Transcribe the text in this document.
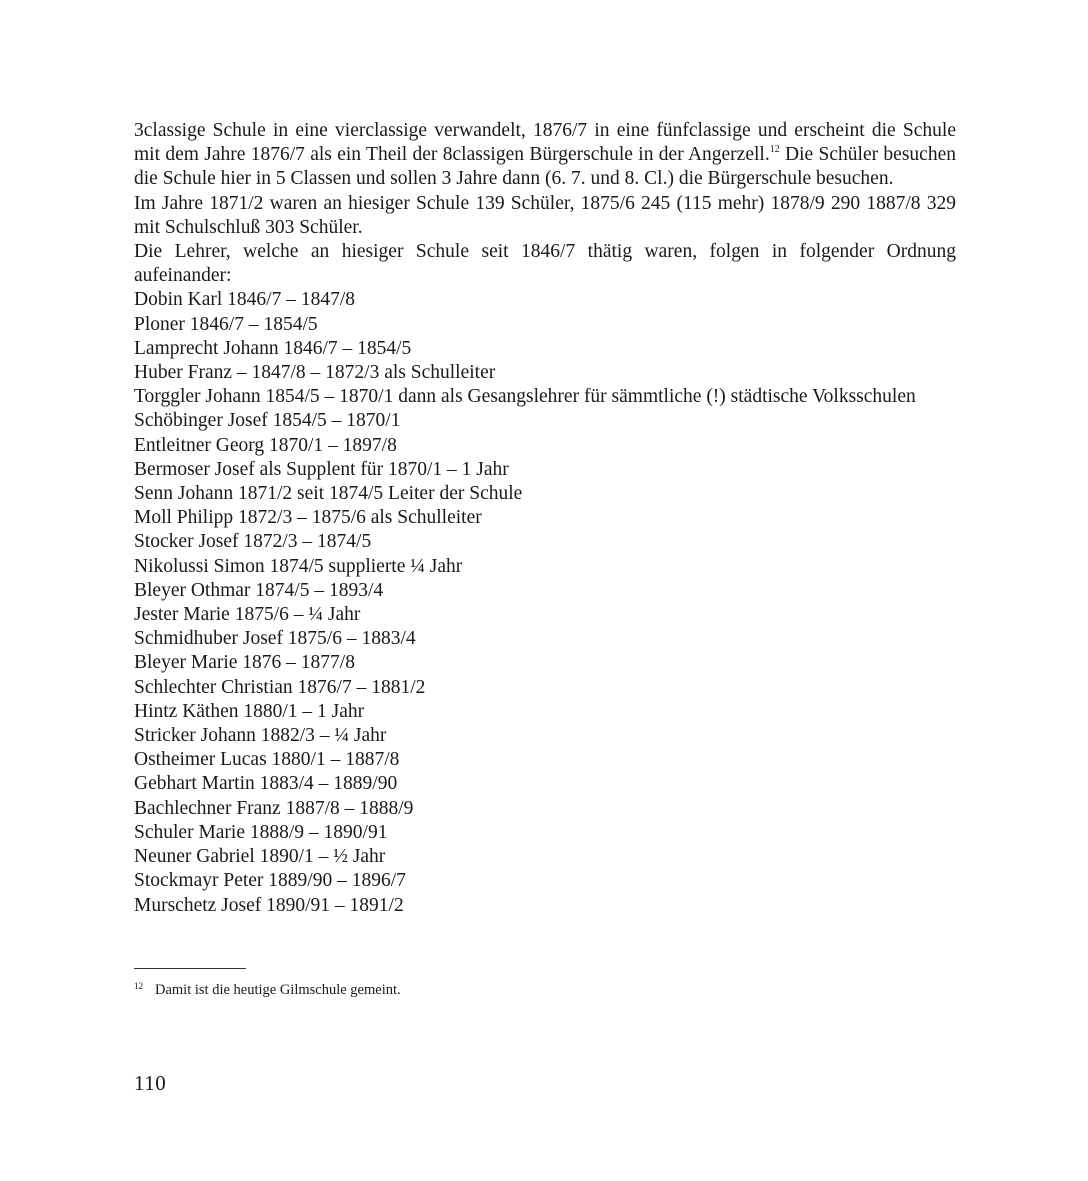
3classige Schule in eine vierclassige verwandelt, 1876/7 in eine fünfclassige und erscheint die Schule mit dem Jahre 1876/7 als ein Theil der 8classigen Bürgerschule in der Angerzell.$^{12}$ Die Schüler besuchen die Schule hier in 5 Classen und sollen 3 Jahre dann (6. 7. und 8. Cl.) die Bürgerschule besuchen.

Im Jahre 1871/2 waren an hiesiger Schule 139 Schüler, 1875/6 245 (115 mehr) 1878/9 290 1887/8 329 mit Schulschluß 303 Schüler.

Die Lehrer, welche an hiesiger Schule seit 1846/7 thätig waren, folgen in folgender Ordnung aufeinander:

Dobin Karl 1846/7 – 1847/8
Ploner 1846/7 – 1854/5
Lamprecht Johann 1846/7 – 1854/5
Huber Franz – 1847/8 – 1872/3 als Schulleiter
Torggler Johann 1854/5 – 1870/1 dann als Gesangslehrer für sämmtliche (!) städtische Volksschulen
Schöbinger Josef 1854/5 – 1870/1
Entleitner Georg 1870/1 – 1897/8
Bermoser Josef als Supplent für 1870/1 – 1 Jahr
Senn Johann 1871/2 seit 1874/5 Leiter der Schule
Moll Philipp 1872/3 – 1875/6 als Schulleiter
Stocker Josef 1872/3 – 1874/5
Nikolussi Simon 1874/5 supplierte ¼ Jahr
Bleyer Othmar 1874/5 – 1893/4
Jester Marie 1875/6 – ¼ Jahr
Schmidhuber Josef 1875/6 – 1883/4
Bleyer Marie 1876 – 1877/8
Schlechter Christian 1876/7 – 1881/2
Hintz Käthen 1880/1 – 1 Jahr
Stricker Johann 1882/3 – ¼ Jahr
Ostheimer Lucas 1880/1 – 1887/8
Gebhart Martin 1883/4 – 1889/90
Bachlechner Franz 1887/8 – 1888/9
Schuler Marie 1888/9 – 1890/91
Neuner Gabriel 1890/1 – ½ Jahr
Stockmayr Peter 1889/90 – 1896/7
Murschetz Josef 1890/91 – 1891/2
$^{12}$ Damit ist die heutige Gilmschule gemeint.
110
